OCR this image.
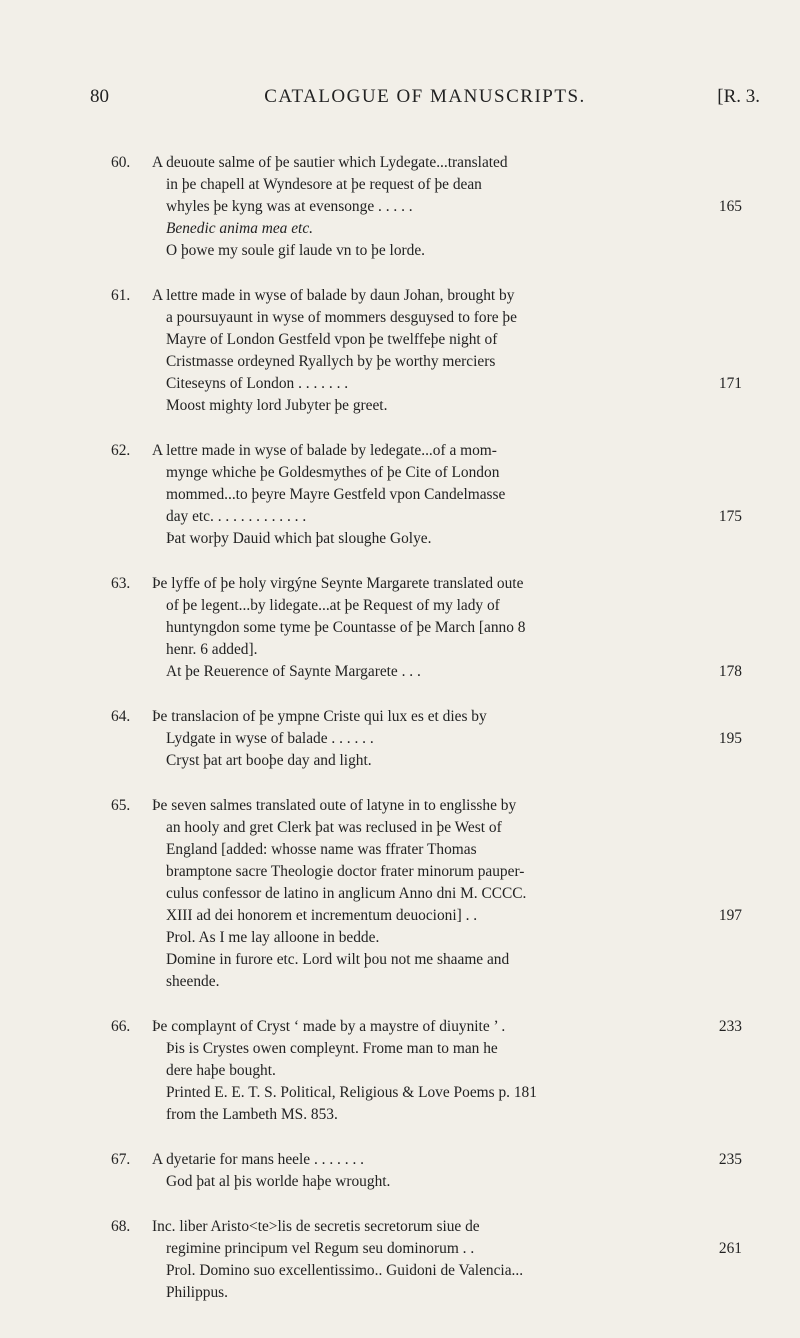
80	CATALOGUE OF MANUSCRIPTS.	[R. 3.
60.	A deuoute salme of þe sautier which Lydegate...translated
in þe chapell at Wyndesore at þe request of þe dean
whyles þe kyng was at evensonge . . . . .	165
Benedic anima mea etc.
O þowe my soule gif laude vn to þe lorde.
61.	A lettre made in wyse of balade by daun Johan, brought by
a poursuyaunt in wyse of mommers desguysed to fore þe
Mayre of London Gestfeld vpon þe twelffeþe night of
Cristmasse ordeyned Ryallych by þe worthy merciers
Citeseyns of London . . . . . . .	171
Moost mighty lord Jubyter þe greet.
62.	A lettre made in wyse of balade by ledegate...of a mom-
mynge whiche þe Goldesmythes of þe Cite of London
mommed...to þeyre Mayre Gestfeld vpon Candelmasse
day etc. . . . . . . . . . . . .	175
Þat worþy Dauid which þat sloughe Golye.
63.	Þe lyffe of þe holy virgýne Seynte Margarete translated oute
of þe legent...by lidegate...at þe Request of my lady of
huntyngdon some tyme þe Countasse of þe March [anno 8
henr. 6 added].
At þe Reuerence of Saynte Margarete . . .	178
64.	Þe translacion of þe ympne Criste qui lux es et dies by
Lydgate in wyse of balade . . . . . .	195
Cryst þat art booþe day and light.
65.	Þe seven salmes translated oute of latyne in to englisshe by
an hooly and gret Clerk þat was reclused in þe West of
England [added: whosse name was ffrater Thomas
bramptone sacre Theologie doctor frater minorum pauper-
culus confessor de latino in anglicum Anno dni M. CCCC.
XIII ad dei honorem et incrementum deuocioni] . .	197
Prol. As I me lay alloone in bedde.
Domine in furore etc. Lord wilt þou not me shaame and
sheende.
66.	Þe complaynt of Cryst ‘ made by a maystre of diuynite ’ .	233
Þis is Crystes owen compleynt. Frome man to man he
dere haþe bought.
Printed E. E. T. S. Political, Religious & Love Poems p. 181
from the Lambeth MS. 853.
67.	A dyetarie for mans heele . . . . . . .	235
God þat al þis worlde haþe wrought.
68.	Inc. liber Aristo<te>lis de secretis secretorum siue de
regimine principum vel Regum seu dominorum . .	261
Prol. Domino suo excellentissimo.. Guidoni de Valencia...
Philippus.
